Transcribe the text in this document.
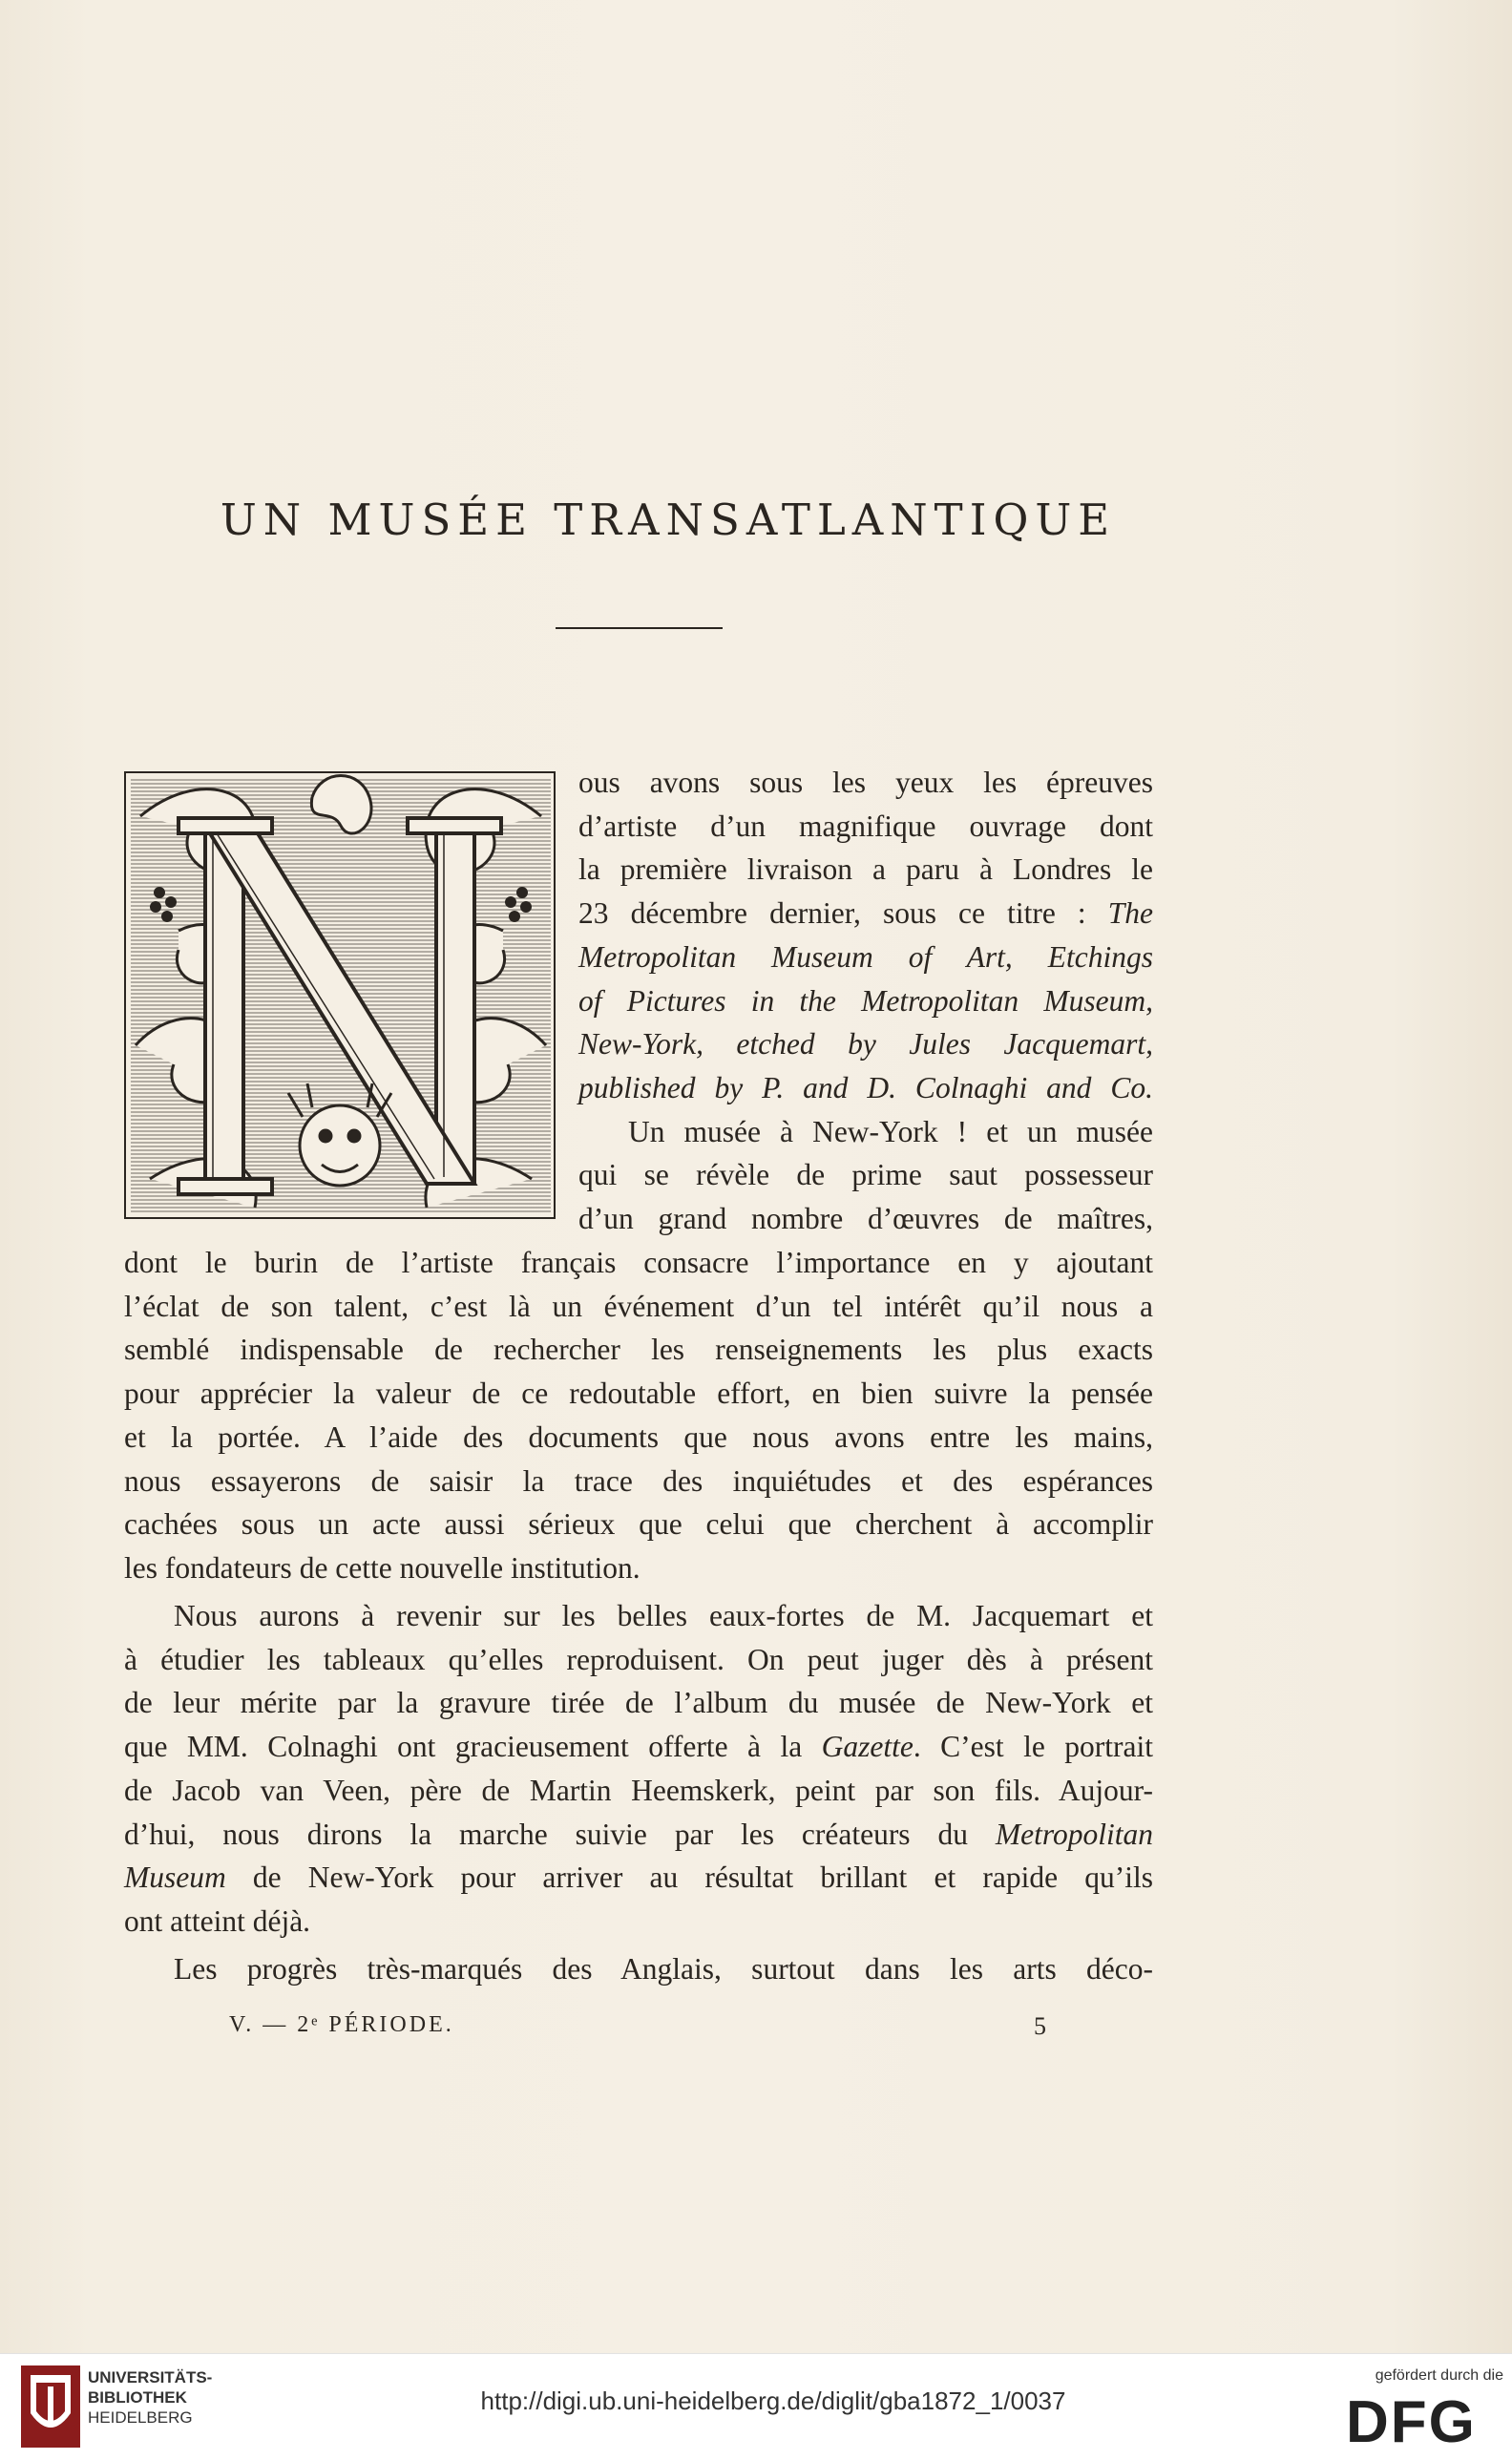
UN MUSÉE TRANSATLANTIQUE
ous avons sous les yeux les épreuves
d’artiste d’un magnifique ouvrage dont
la première livraison a paru à Londres le
23 décembre dernier, sous ce titre : The
Metropolitan Museum of Art, Etchings
of Pictures in the Metropolitan Museum,
New-York, etched by Jules Jacquemart,
published by P. and D. Colnaghi and Co.
Un musée à New-York ! et un musée
qui se révèle de prime saut possesseur
d’un grand nombre d’œuvres de maîtres,
dont le burin de l’artiste français consacre l’importance en y ajoutant
l’éclat de son talent, c’est là un événement d’un tel intérêt qu’il nous a
semblé indispensable de rechercher les renseignements les plus exacts
pour apprécier la valeur de ce redoutable effort, en bien suivre la pensée
et la portée. A l’aide des documents que nous avons entre les mains,
nous essayerons de saisir la trace des inquiétudes et des espérances
cachées sous un acte aussi sérieux que celui que cherchent à accomplir
les fondateurs de cette nouvelle institution.
Nous aurons à revenir sur les belles eaux-fortes de M. Jacquemart et
à étudier les tableaux qu’elles reproduisent. On peut juger dès à présent
de leur mérite par la gravure tirée de l’album du musée de New-York et
que MM. Colnaghi ont gracieusement offerte à la Gazette. C’est le portrait
de Jacob van Veen, père de Martin Heemskerk, peint par son fils. Aujour-
d’hui, nous dirons la marche suivie par les créateurs du Metropolitan
Museum de New-York pour arriver au résultat brillant et rapide qu’ils
ont atteint déjà.
Les progrès très-marqués des Anglais, surtout dans les arts déco-
V. — 2ᵉ PÉRIODE.	5
UNIVERSITÄTS-
BIBLIOTHEK
HEIDELBERG
http://digi.ub.uni-heidelberg.de/diglit/gba1872_1/0037
gefördert durch die
DFG
